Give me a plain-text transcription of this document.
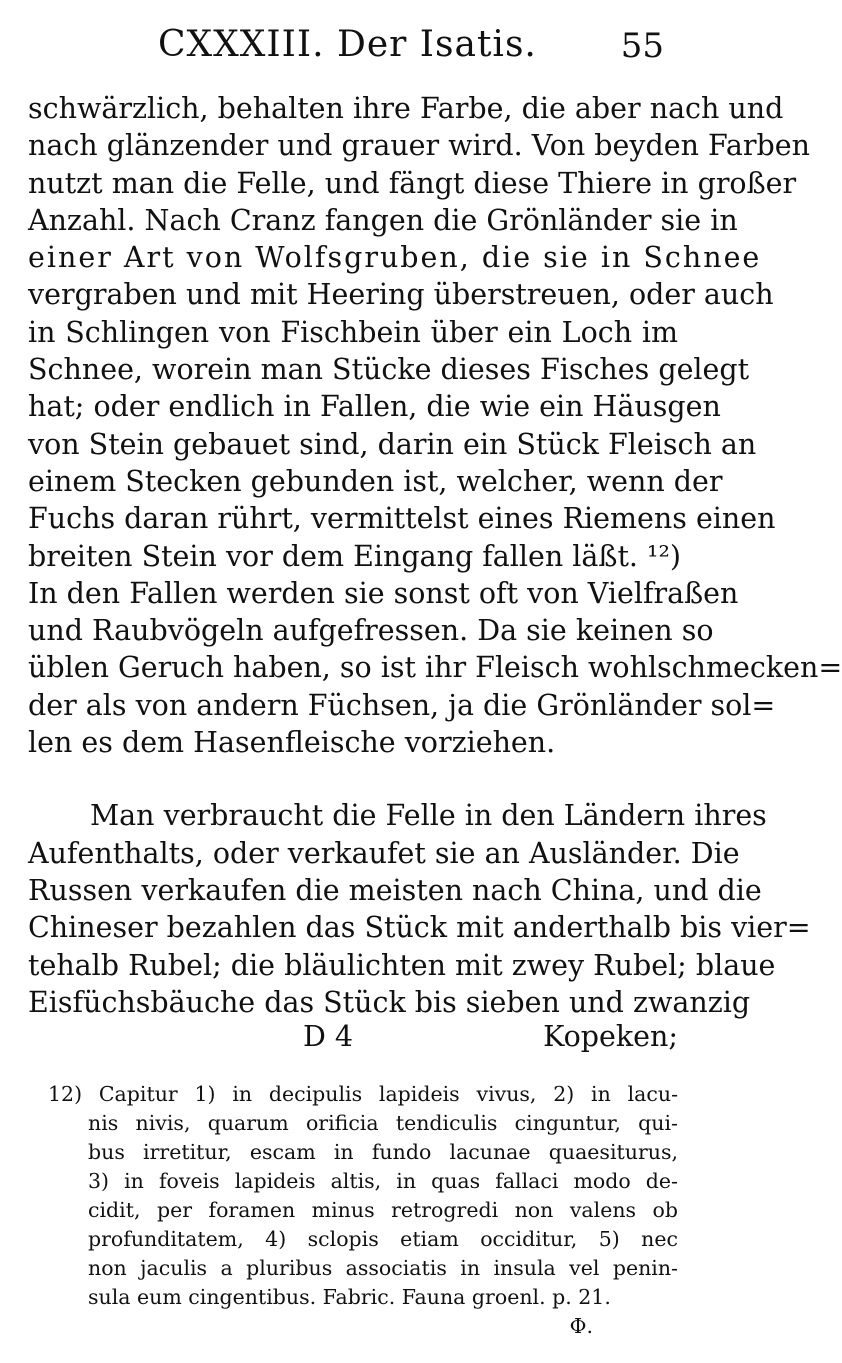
CXXXIII. Der Isatis. 55
schwärzlich, behalten ihre Farbe, die aber nach und
nach glänzender und grauer wird. Von beyden Farben
nutzt man die Felle, und fängt diese Thiere in großer
Anzahl. Nach Cranz fangen die Grönländer sie in
einer Art von Wolfsgruben, die sie in Schnee
vergraben und mit Heering überstreuen, oder auch
in Schlingen von Fischbein über ein Loch im
Schnee, worein man Stücke dieses Fisches gelegt
hat; oder endlich in Fallen, die wie ein Häusgen
von Stein gebauet sind, darin ein Stück Fleisch an
einem Stecken gebunden ist, welcher, wenn der
Fuchs daran rührt, vermittelst eines Riemens einen
breiten Stein vor dem Eingang fallen läßt. ¹²)
In den Fallen werden sie sonst oft von Vielfraßen
und Raubvögeln aufgefressen. Da sie keinen so
üblen Geruch haben, so ist ihr Fleisch wohlschmecken=
der als von andern Füchsen, ja die Grönländer sol=
len es dem Hasenfleische vorziehen.
Man verbraucht die Felle in den Ländern ihres
Aufenthalts, oder verkaufet sie an Ausländer. Die
Russen verkaufen die meisten nach China, und die
Chineser bezahlen das Stück mit anderthalb bis vier=
tehalb Rubel; die bläulichten mit zwey Rubel; blaue
Eisfüchsbäuche das Stück bis sieben und zwanzig
D 4	Kopeken;
12) Capitur 1) in decipulis lapideis vivus, 2) in lacu-
nis nivis, quarum orificia tendiculis cinguntur, qui-
bus irretitur, escam in fundo lacunae quaesiturus,
3) in foveis lapideis altis, in quas fallaci modo de-
cidit, per foramen minus retrogredi non valens ob
profunditatem, 4) sclopis etiam occiditur, 5) nec
non jaculis a pluribus associatis in insula vel penin-
sula eum cingentibus. Fabric. Fauna groenl. p. 21.
Φ.
